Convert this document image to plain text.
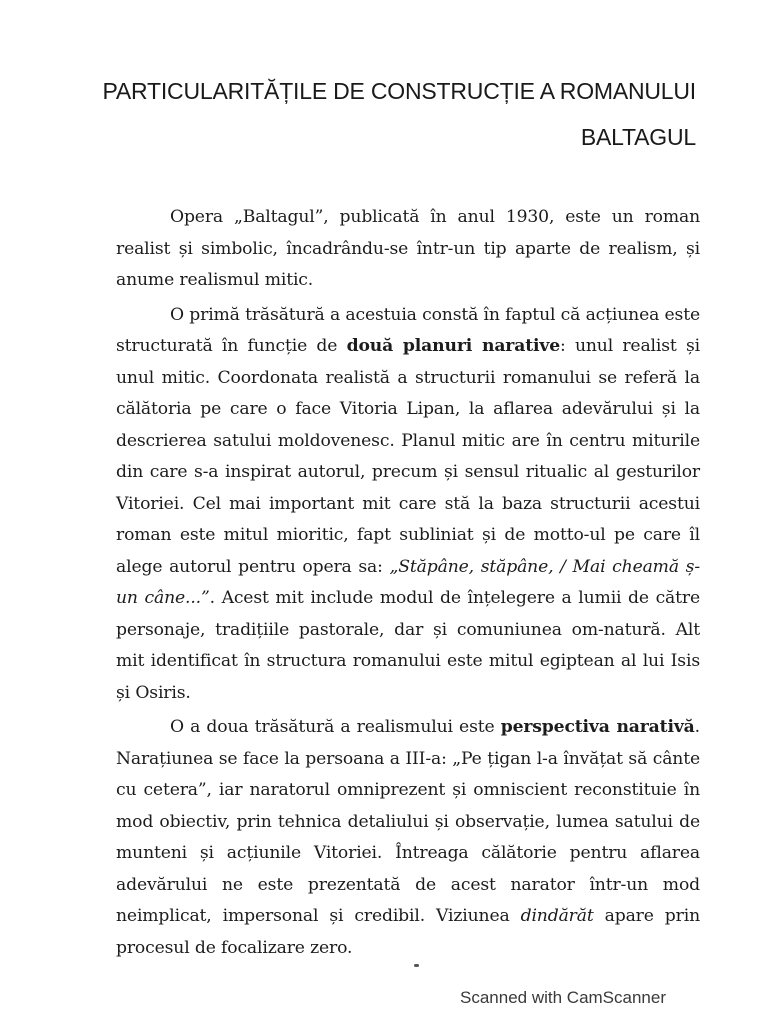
PARTICULARITĂȚILE DE CONSTRUCȚIE A ROMANULUI
BALTAGUL

Opera „Baltagul”, publicată în anul 1930, este un roman realist și simbolic, încadrându-se într-un tip aparte de realism, și anume realismul mitic.

O primă trăsătură a acestuia constă în faptul că acțiunea este structurată în funcție de două planuri narative: unul realist și unul mitic. Coordonata realistă a structurii romanului se referă la călătoria pe care o face Vitoria Lipan, la aflarea adevărului și la descrierea satului moldovenesc. Planul mitic are în centru miturile din care s-a inspirat autorul, precum și sensul ritualic al gesturilor Vitoriei. Cel mai important mit care stă la baza structurii acestui roman este mitul mioritic, fapt subliniat și de motto-ul pe care îl alege autorul pentru opera sa: „Stăpâne, stăpâne, / Mai cheamă ș-un câne...”. Acest mit include modul de înțelegere a lumii de către personaje, tradițiile pastorale, dar și comuniunea om-natură. Alt mit identificat în structura romanului este mitul egiptean al lui Isis și Osiris.

O a doua trăsătură a realismului este perspectiva narativă. Narațiunea se face la persoana a III-a: „Pe țigan l-a învățat să cânte cu cetera”, iar naratorul omniprezent și omniscient reconstituie în mod obiectiv, prin tehnica detaliului și observație, lumea satului de munteni și acțiunile Vitoriei. Întreaga călătorie pentru aflarea adevărului ne este prezentată de acest narator într-un mod neimplicat, impersonal și credibil. Viziunea dindărăt apare prin procesul de focalizare zero.

Scanned with CamScanner
